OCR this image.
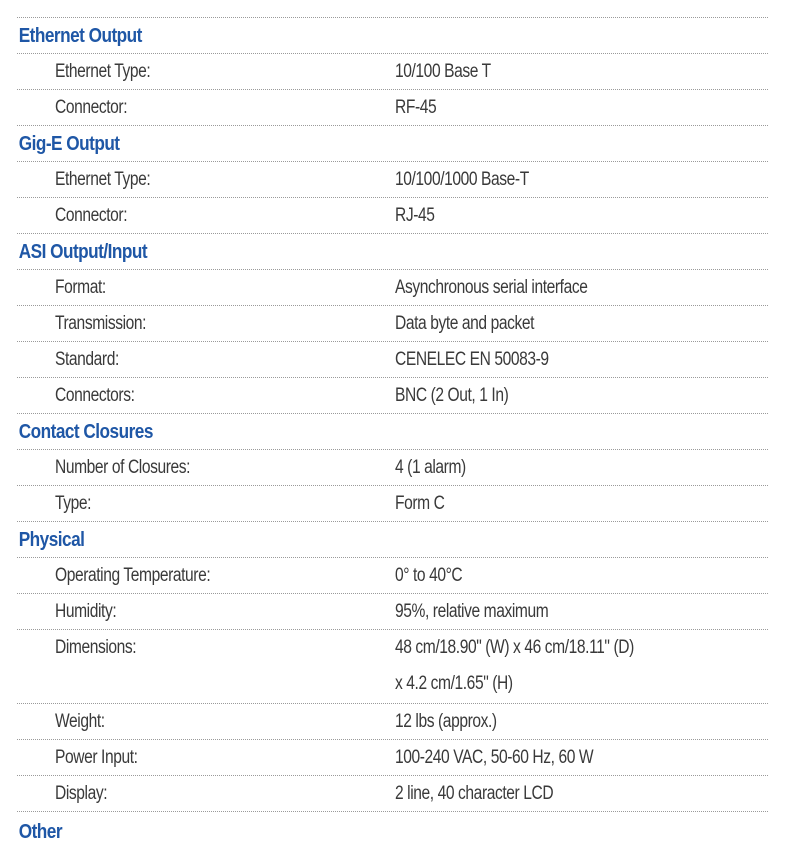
Ethernet Output
Ethernet Type:	10/100 Base T
Connector:	RF-45
Gig-E Output
Ethernet Type:	10/100/1000 Base-T
Connector:	RJ-45
ASI Output/Input
Format:	Asynchronous serial interface
Transmission:	Data byte and packet
Standard:	CENELEC EN 50083-9
Connectors:	BNC (2 Out, 1 In)
Contact Closures
Number of Closures:	4 (1 alarm)
Type:	Form C
Physical
Operating Temperature:	0° to 40°C
Humidity:	95%, relative maximum
Dimensions:	48 cm/18.90" (W) x 46 cm/18.11" (D)
x 4.2 cm/1.65" (H)
Weight:	12 lbs (approx.)
Power Input:	100-240 VAC, 50-60 Hz, 60 W
Display:	2 line, 40 character LCD
Other
